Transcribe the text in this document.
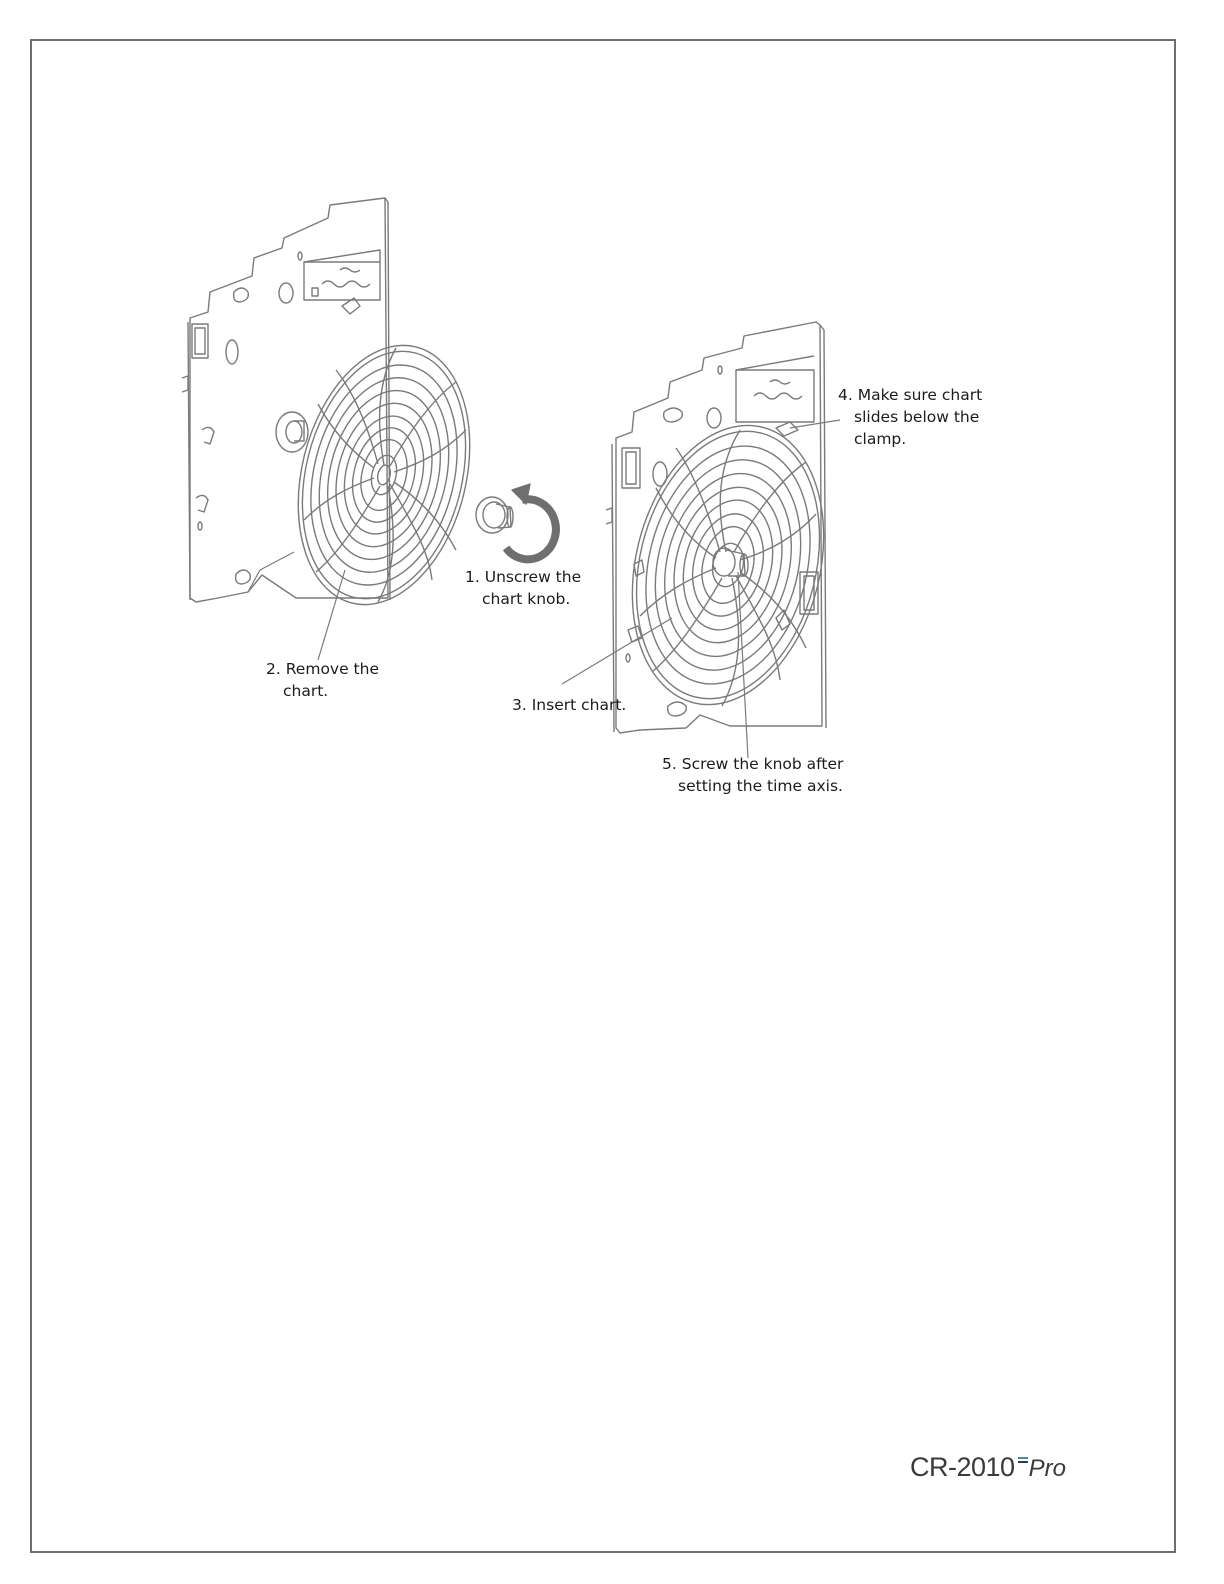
1. Unscrew the
chart knob.
2. Remove the
chart.
3. Insert chart.
4. Make sure chart
slides below the
clamp.
5. Screw the knob after
setting the time axis.
CR-2010 Pro
